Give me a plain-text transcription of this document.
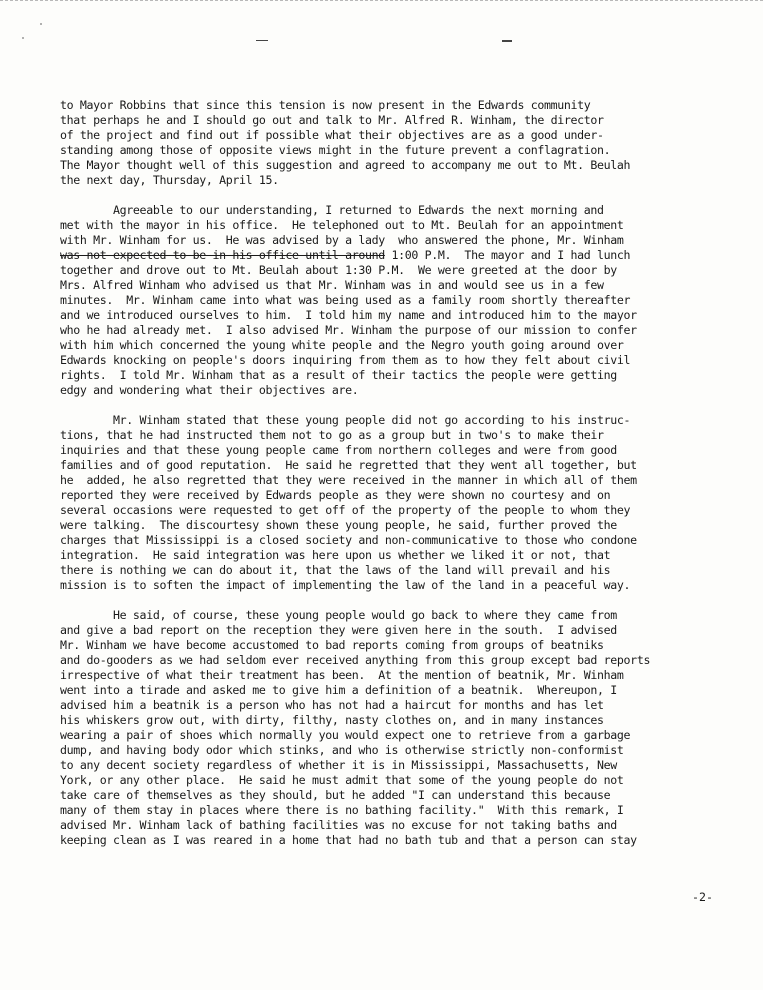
to Mayor Robbins that since this tension is now present in the Edwards community
that perhaps he and I should go out and talk to Mr. Alfred R. Winham, the director
of the project and find out if possible what their objectives are as a good under-
standing among those of opposite views might in the future prevent a conflagration.
The Mayor thought well of this suggestion and agreed to accompany me out to Mt. Beulah
the next day, Thursday, April 15.
Agreeable to our understanding, I returned to Edwards the next morning and
met with the mayor in his office.  He telephoned out to Mt. Beulah for an appointment
with Mr. Winham for us.  He was advised by a lady  who answered the phone, Mr. Winham
was not expected to be in his office until around 1:00 P.M.  The mayor and I had lunch
together and drove out to Mt. Beulah about 1:30 P.M.  We were greeted at the door by
Mrs. Alfred Winham who advised us that Mr. Winham was in and would see us in a few
minutes.  Mr. Winham came into what was being used as a family room shortly thereafter
and we introduced ourselves to him.  I told him my name and introduced him to the mayor
who he had already met.  I also advised Mr. Winham the purpose of our mission to confer
with him which concerned the young white people and the Negro youth going around over
Edwards knocking on people's doors inquiring from them as to how they felt about civil
rights.  I told Mr. Winham that as a result of their tactics the people were getting
edgy and wondering what their objectives are.
Mr. Winham stated that these young people did not go according to his instruc-
tions, that he had instructed them not to go as a group but in two's to make their
inquiries and that these young people came from northern colleges and were from good
families and of good reputation.  He said he regretted that they went all together, but
he  added, he also regretted that they were received in the manner in which all of them
reported they were received by Edwards people as they were shown no courtesy and on
several occasions were requested to get off of the property of the people to whom they
were talking.  The discourtesy shown these young people, he said, further proved the
charges that Mississippi is a closed society and non-communicative to those who condone
integration.  He said integration was here upon us whether we liked it or not, that
there is nothing we can do about it, that the laws of the land will prevail and his
mission is to soften the impact of implementing the law of the land in a peaceful way.
He said, of course, these young people would go back to where they came from
and give a bad report on the reception they were given here in the south.  I advised
Mr. Winham we have become accustomed to bad reports coming from groups of beatniks
and do-gooders as we had seldom ever received anything from this group except bad reports
irrespective of what their treatment has been.  At the mention of beatnik, Mr. Winham
went into a tirade and asked me to give him a definition of a beatnik.  Whereupon, I
advised him a beatnik is a person who has not had a haircut for months and has let
his whiskers grow out, with dirty, filthy, nasty clothes on, and in many instances
wearing a pair of shoes which normally you would expect one to retrieve from a garbage
dump, and having body odor which stinks, and who is otherwise strictly non-conformist
to any decent society regardless of whether it is in Mississippi, Massachusetts, New
York, or any other place.  He said he must admit that some of the young people do not
take care of themselves as they should, but he added "I can understand this because
many of them stay in places where there is no bathing facility."  With this remark, I
advised Mr. Winham lack of bathing facilities was no excuse for not taking baths and
keeping clean as I was reared in a home that had no bath tub and that a person can stay
-2-
